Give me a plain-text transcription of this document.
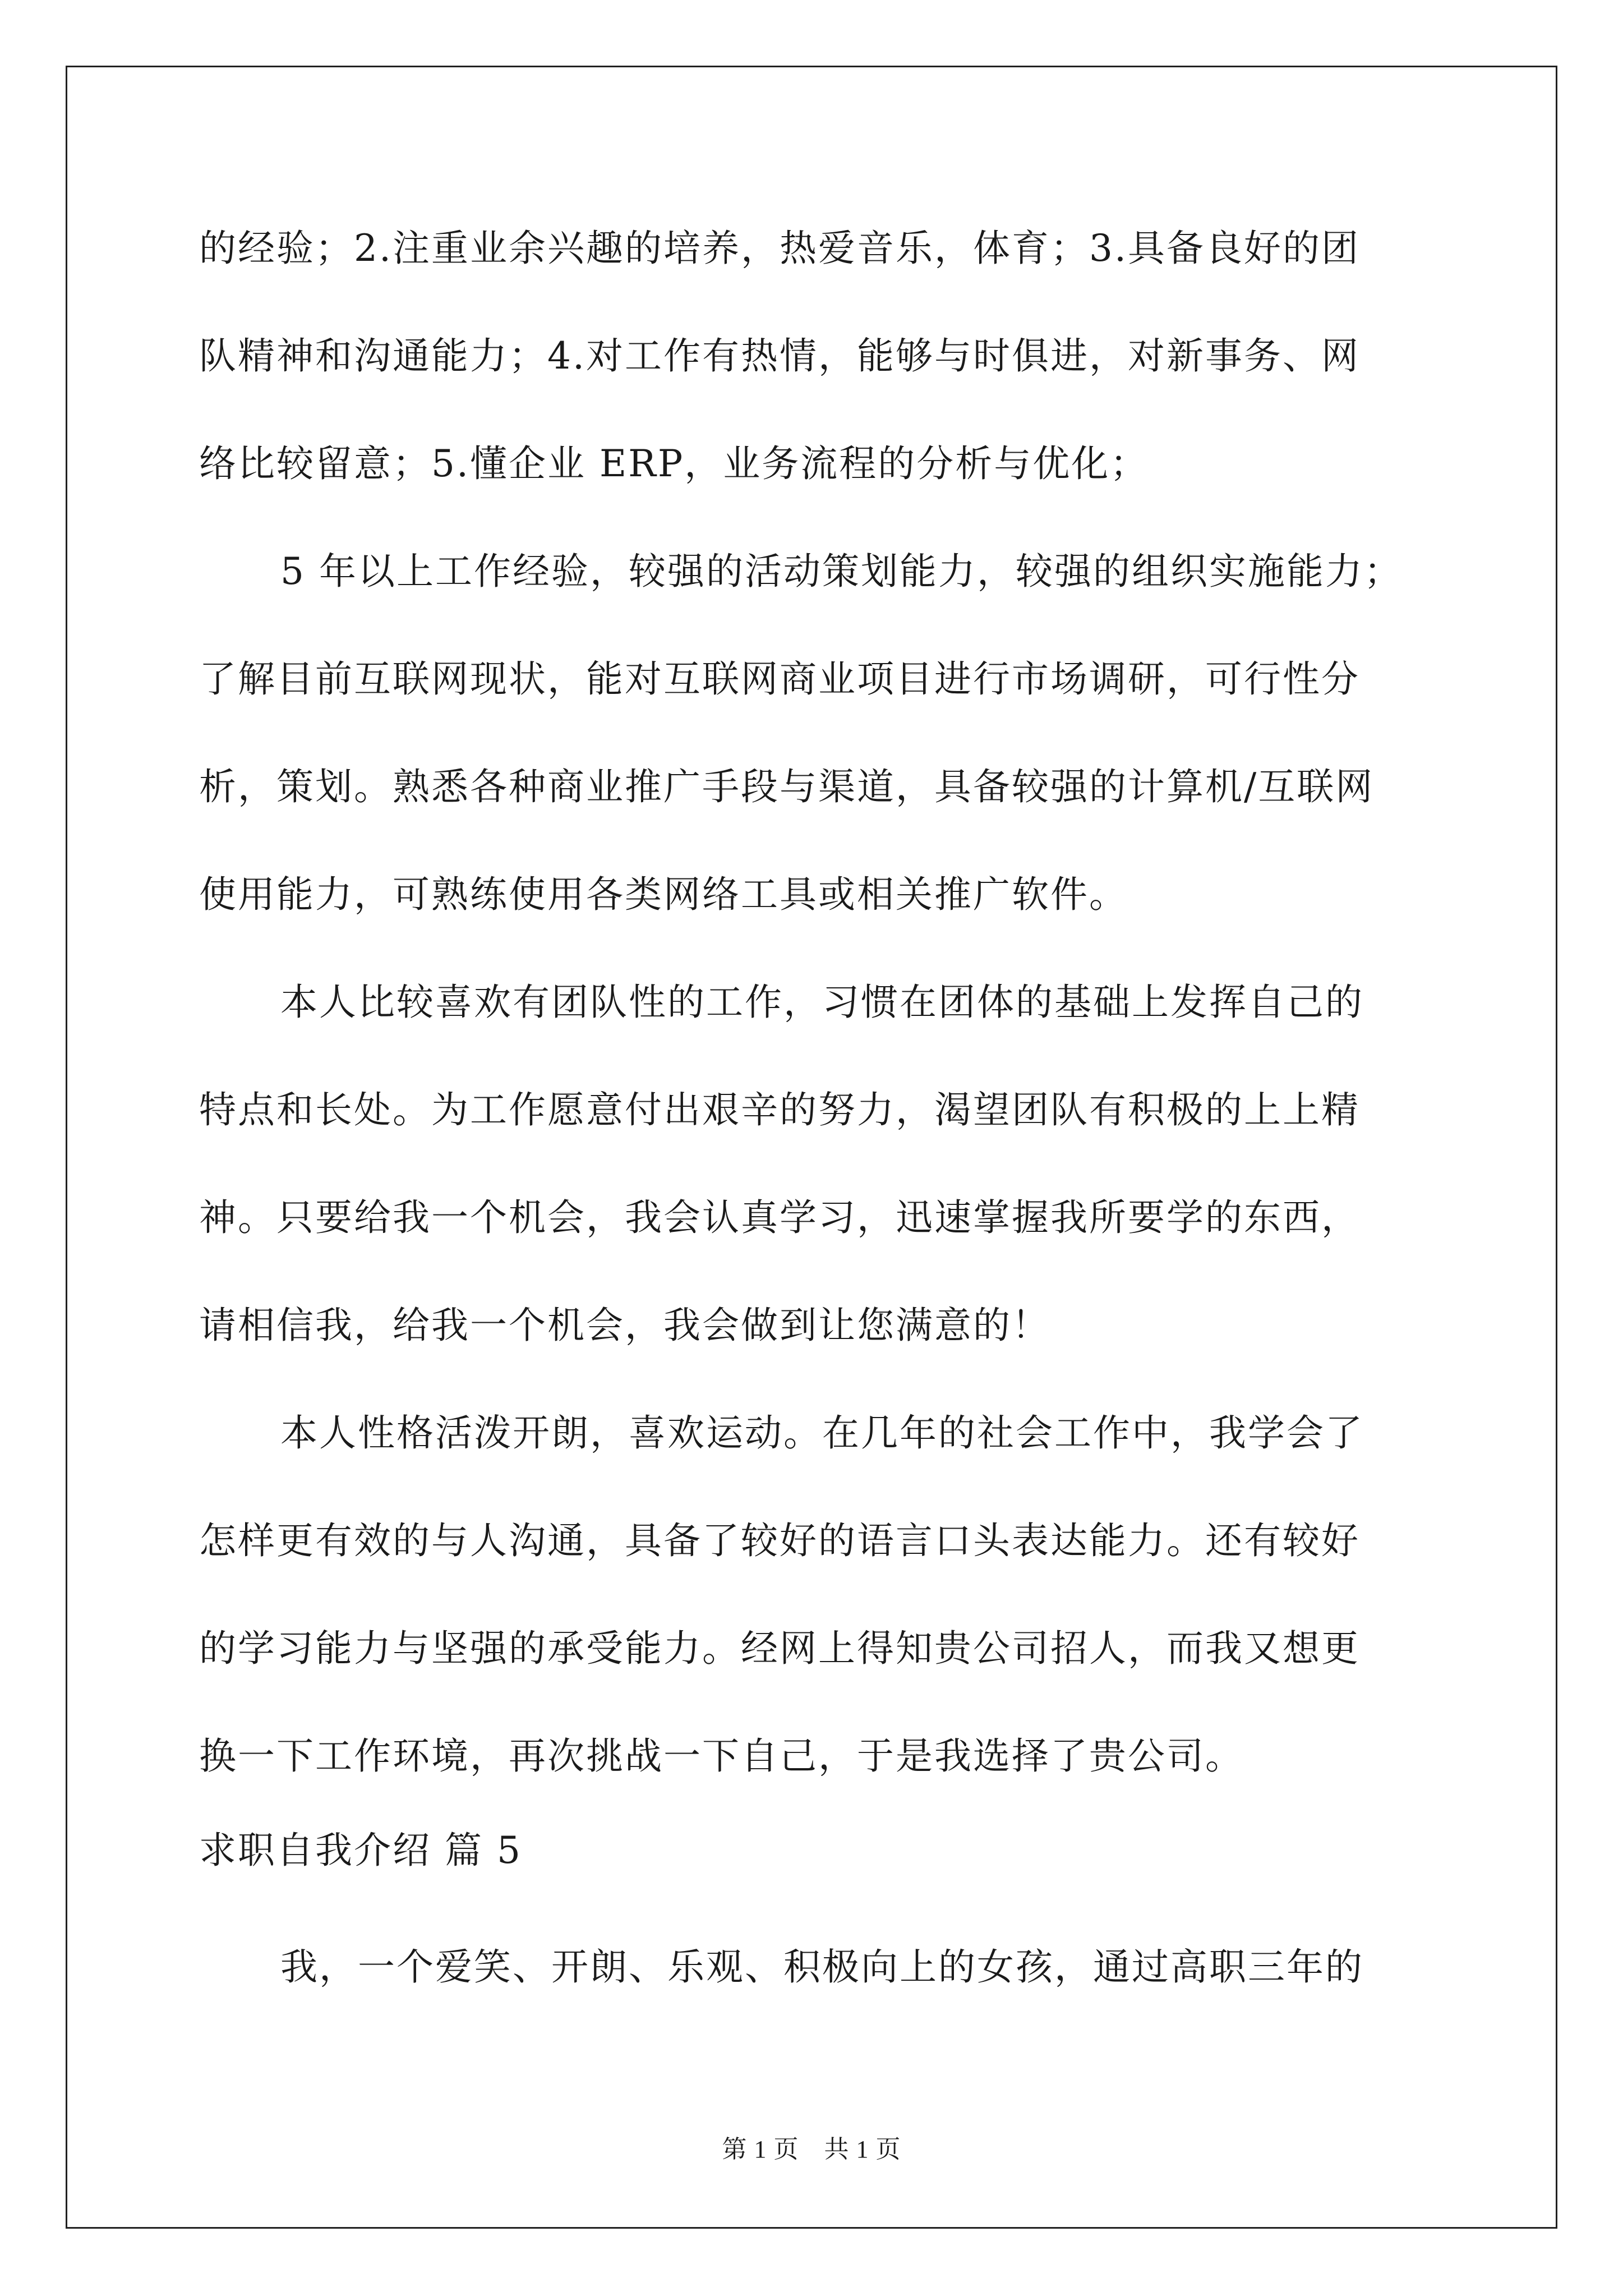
的经验；2.注重业余兴趣的培养，热爱音乐，体育；3.具备良好的团
队精神和沟通能力；4.对工作有热情，能够与时俱进，对新事务、网
络比较留意；5.懂企业 ERP，业务流程的分析与优化；
5 年以上工作经验，较强的活动策划能力，较强的组织实施能力；
了解目前互联网现状，能对互联网商业项目进行市场调研，可行性分
析，策划。熟悉各种商业推广手段与渠道，具备较强的计算机/互联网
使用能力，可熟练使用各类网络工具或相关推广软件。
本人比较喜欢有团队性的工作，习惯在团体的基础上发挥自己的
特点和长处。为工作愿意付出艰辛的努力，渴望团队有积极的上上精
神。只要给我一个机会，我会认真学习，迅速掌握我所要学的东西，
请相信我，给我一个机会，我会做到让您满意的！
本人性格活泼开朗，喜欢运动。在几年的社会工作中，我学会了
怎样更有效的与人沟通，具备了较好的语言口头表达能力。还有较好
的学习能力与坚强的承受能力。经网上得知贵公司招人，而我又想更
换一下工作环境，再次挑战一下自己，于是我选择了贵公司。
求职自我介绍 篇 5
我，一个爱笑、开朗、乐观、积极向上的女孩，通过高职三年的
第 1 页　共 1 页
